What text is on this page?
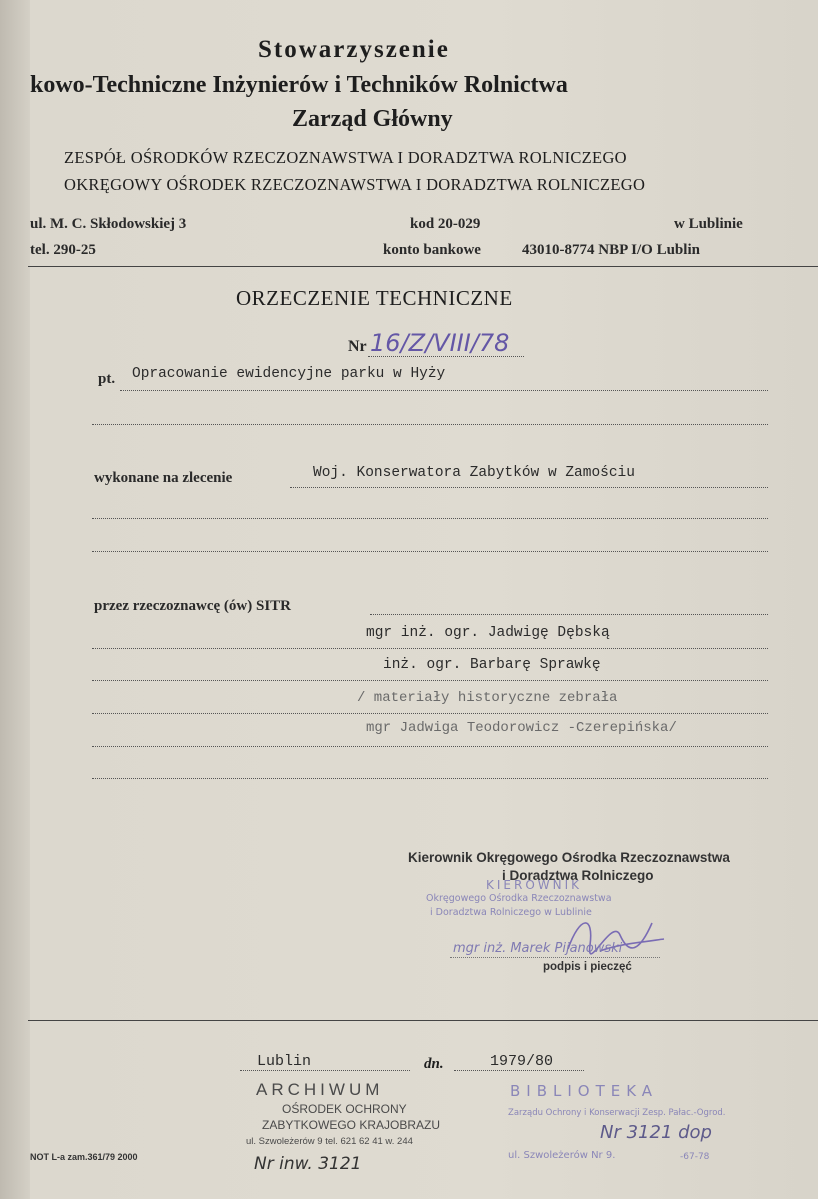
Stowarzyszenie
kowo-Techniczne Inżynierów i Techników Rolnictwa
Zarząd Główny
ZESPÓŁ OŚRODKÓW RZECZOZNAWSTWA I DORADZTWA ROLNICZEGO
OKRĘGOWY OŚRODEK RZECZOZNAWSTWA I DORADZTWA ROLNICZEGO
ul. M. C. Skłodowskiej 3	kod 20-029	w Lublinie
tel. 290-25	konto bankowe	43010-8774 NBP I/O Lublin
ORZECZENIE TECHNICZNE
Nr 16/Z/VIII/78
pt. Opracowanie ewidencyjne parku w Hyży
wykonane na zlecenie	Woj. Konserwatora Zabytków w Zamościu
przez rzeczoznawcę (ów) SITR
mgr inż. ogr. Jadwigę Dębską
inż. ogr. Barbarę Sprawkę
/ materiały historyczne zebrała
mgr Jadwiga Teodorowicz -Czerepińska/
Kierownik Okręgowego Ośrodka Rzeczoznawstwa
i Doradztwa Rolniczego
KIEROWNIK
Okręgowego Ośrodka Rzeczoznawstwa
i Doradztwa Rolniczego w Lublinie
mgr inż. Marek Pijanowski
podpis i pieczęć
Lublin	dn.	1979/80
ARCHIWUM
OŚRODEK OCHRONY
ZABYTKOWEGO KRAJOBRAZU
ul. Szwoleżerów 9 tel. 621 62 41 w. 244
Nr inw. 3121
NOT L-a zam.361/79 2000
BIBLIOTEKA
Zarządu Ochrony i Konserwacji Zesp. Pałac.-Ogrod.
Nr 3121 dop
ul. Szwoleżerów Nr 9.	-67-78
